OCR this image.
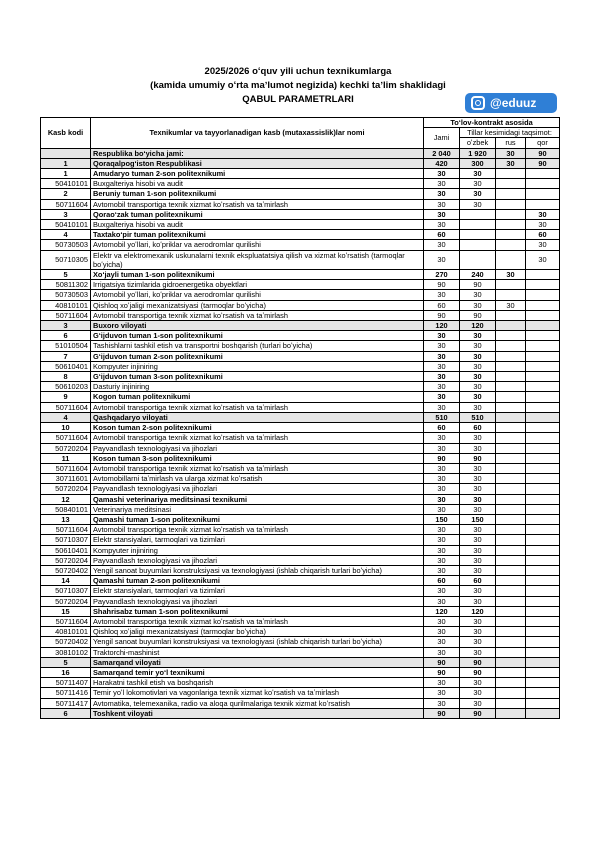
2025/2026 oʻquv yili uchun texnikumlarga
(kamida umumiy oʻrta maʼlumot negizida) kechki taʼlim shaklidagi
QABUL PARAMETRLARI	@eduuz
Kasb kodi	Texnikumlar va tayyorlanadigan kasb (mutaxassislik)lar nomi	Toʻlov-kontrakt asosida			
		Jami	Tillar kesimidagi taqsimot:		
			oʻzbek	rus	qor
	Respublika boʻyicha jami:	2 040	1 920	30	90
1	Qoraqalpogʻiston Respublikasi	420	300	30	90
1	Amudaryo tuman 2-son politexnikumi	30	30		
50410101	Buxgalteriya hisobi va audit	30	30		
2	Beruniy tuman 1-son politexnikumi	30	30		
50711604	Avtomobil transportiga texnik xizmat koʻrsatish va taʼmirlash	30	30		
3	Qoraoʻzak tuman politexnikumi	30			30
50410101	Buxgalteriya hisobi va audit	30			30
4	Taxtakoʻpir tuman politexnikumi	60			60
50730503	Avtomobil yoʻllari, koʻpriklar va aerodromlar qurilishi	30			30
50710305	Elektr va elektromexanik uskunalarni texnik ekspluatatsiya qilish va xizmat koʻrsatish (tarmoqlar boʻyicha)	30			30
5	Xoʻjayli tuman 1-son politexnikumi	270	240	30	
50811302	Irrigatsiya tizimlarida gidroenergetika obyektlari	90	90		
50730503	Avtomobil yoʻllari, koʻpriklar va aerodromlar qurilishi	30	30		
40810101	Qishloq xoʻjaligi mexanizatsiyasi (tarmoqlar boʻyicha)	60	30	30	
50711604	Avtomobil transportiga texnik xizmat koʻrsatish va taʼmirlash	90	90		
3	Buxoro viloyati	120	120		
6	Gʻijduvon tuman 1-son politexnikumi	30	30		
51010504	Tashishlarni tashkil etish va transportni boshqarish (turlari boʻyicha)	30	30		
7	Gʻijduvon tuman 2-son politexnikumi	30	30		
50610401	Kompyuter injiniring	30	30		
8	Gʻijduvon tuman 3-son politexnikumi	30	30		
50610203	Dasturiy injiniring	30	30		
9	Kogon tuman politexnikumi	30	30		
50711604	Avtomobil transportiga texnik xizmat koʻrsatish va taʼmirlash	30	30		
4	Qashqadaryo viloyati	510	510		
10	Koson tuman 2-son politexnikumi	60	60		
50711604	Avtomobil transportiga texnik xizmat koʻrsatish va taʼmirlash	30	30		
50720204	Payvandlash texnologiyasi va jihozlari	30	30		
11	Koson tuman 3-son politexnikumi	90	90		
50711604	Avtomobil transportiga texnik xizmat koʻrsatish va taʼmirlash	30	30		
30711601	Avtomobillarni taʼmirlash va ularga xizmat koʻrsatish	30	30		
50720204	Payvandlash texnologiyasi va jihozlari	30	30		
12	Qamashi veterinariya meditsinasi texnikumi	30	30		
50840101	Veterinariya meditsinasi	30	30		
13	Qamashi tuman 1-son politexnikumi	150	150		
50711604	Avtomobil transportiga texnik xizmat koʻrsatish va taʼmirlash	30	30		
50710307	Elektr stansiyalari, tarmoqlari va tizimlari	30	30		
50610401	Kompyuter injiniring	30	30		
50720204	Payvandlash texnologiyasi va jihozlari	30	30		
50720402	Yengil sanoat buyumlari konstruksiyasi va texnologiyasi (ishlab chiqarish turlari boʻyicha)	30	30		
14	Qamashi tuman 2-son politexnikumi	60	60		
50710307	Elektr stansiyalari, tarmoqlari va tizimlari	30	30		
50720204	Payvandlash texnologiyasi va jihozlari	30	30		
15	Shahrisabz tuman 1-son politexnikumi	120	120		
50711604	Avtomobil transportiga texnik xizmat koʻrsatish va taʼmirlash	30	30		
40810101	Qishloq xoʻjaligi mexanizatsiyasi (tarmoqlar boʻyicha)	30	30		
50720402	Yengil sanoat buyumlari konstruksiyasi va texnologiyasi (ishlab chiqarish turlari boʻyicha)	30	30		
30810102	Traktorchi-mashinist	30	30		
5	Samarqand viloyati	90	90		
16	Samarqand temir yoʻl texnikumi	90	90		
50711407	Harakatni tashkil etish va boshqarish	30	30		
50711416	Temir yoʻl lokomotivlari va vagonlariga texnik xizmat koʻrsatish va taʼmirlash	30	30		
50711417	Avtomatika, telemexanika, radio va aloqa qurilmalariga texnik xizmat koʻrsatish	30	30		
6	Toshkent viloyati	90	90		
